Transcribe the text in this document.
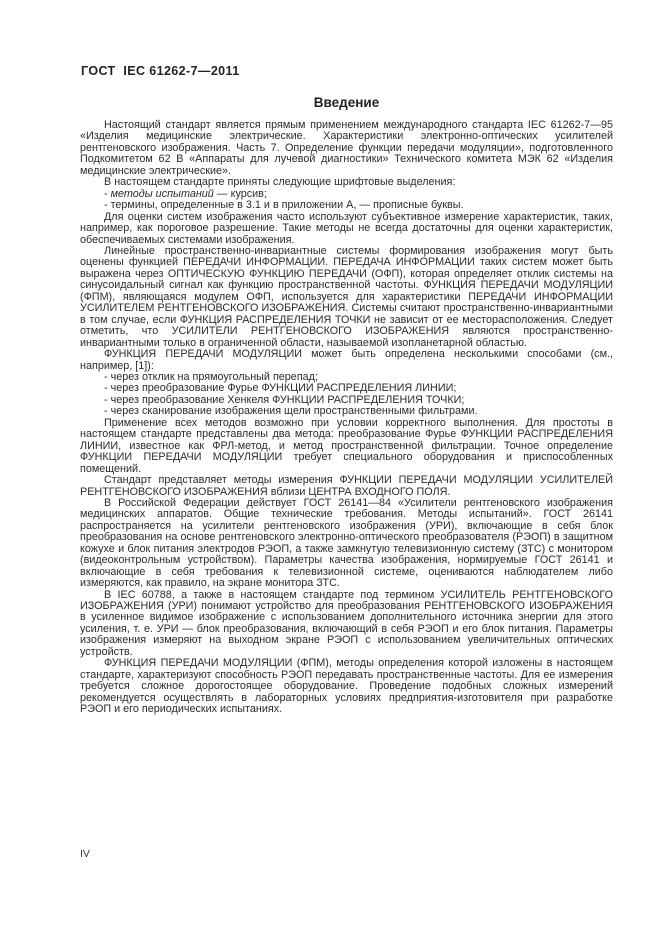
ГОСТ  IEC 61262-7—2011
Введение

Настоящий стандарт является прямым применением международного стандарта IEC 61262-7—95 «Изделия медицинские электрические. Характеристики электронно-оптических усилителей рентгеновского изображения. Часть 7. Определение функции передачи модуляции», подготовленного Подкомитетом 62 В «Аппараты для лучевой диагностики» Технического комитета МЭК 62 «Изделия медицинские электрические».

В настоящем стандарте приняты следующие шрифтовые выделения:

- методы испытаний — курсив;

- термины, определенные в 3.1 и в приложении А, — прописные буквы.

Для оценки систем изображения часто используют субъективное измерение характеристик, таких, например, как пороговое разрешение. Такие методы не всегда достаточны для оценки характеристик, обеспечиваемых системами изображения.

Линейные пространственно-инвариантные системы формирования изображения могут быть оценены функцией ПЕРЕДАЧИ ИНФОРМАЦИИ. ПЕРЕДАЧА ИНФОРМАЦИИ таких систем может быть выражена через ОПТИЧЕСКУЮ ФУНКЦИЮ ПЕРЕДАЧИ (ОФП), которая определяет отклик системы на синусоидальный сигнал как функцию пространственной частоты. ФУНКЦИЯ ПЕРЕДАЧИ МОДУЛЯЦИИ (ФПМ), являющаяся модулем ОФП, используется для характеристики ПЕРЕДАЧИ ИНФОРМАЦИИ УСИЛИТЕЛЕМ РЕНТГЕНОВСКОГО ИЗОБРАЖЕНИЯ. Системы считают пространственно-инвариантными в том случае, если ФУНКЦИЯ РАСПРЕДЕЛЕНИЯ ТОЧКИ не зависит от ее месторасположения. Следует отметить, что УСИЛИТЕЛИ РЕНТГЕНОВСКОГО ИЗОБРАЖЕНИЯ являются пространственно-инвариантными только в ограниченной области, называемой изопланетарной областью.

ФУНКЦИЯ ПЕРЕДАЧИ МОДУЛЯЦИИ может быть определена несколькими способами (см., например, [1]):

- через отклик на прямоугольный перепад;

- через преобразование Фурье ФУНКЦИИ РАСПРЕДЕЛЕНИЯ ЛИНИИ;

- через преобразование Хенкеля ФУНКЦИИ РАСПРЕДЕЛЕНИЯ ТОЧКИ;

- через сканирование изображения щели пространственными фильтрами.

Применение всех методов возможно при условии корректного выполнения. Для простоты в настоящем стандарте представлены два метода: преобразование Фурье ФУНКЦИИ РАСПРЕДЕЛЕНИЯ ЛИНИИ, известное как ФРЛ-метод, и метод пространственной фильтрации. Точное определение ФУНКЦИИ ПЕРЕДАЧИ МОДУЛЯЦИИ требует специального оборудования и приспособленных помещений.

Стандарт представляет методы измерения ФУНКЦИИ ПЕРЕДАЧИ МОДУЛЯЦИИ УСИЛИТЕЛЕЙ РЕНТГЕНОВСКОГО ИЗОБРАЖЕНИЯ вблизи ЦЕНТРА ВХОДНОГО ПОЛЯ.

В Российской Федерации действует ГОСТ 26141—84 «Усилители рентгеновского изображения медицинских аппаратов. Общие технические требования. Методы испытаний». ГОСТ 26141 распространяется на усилители рентгеновского изображения (УРИ), включающие в себя блок преобразования на основе рентгеновского электронно-оптического преобразователя (РЭОП) в защитном кожухе и блок питания электродов РЭОП, а также замкнутую телевизионную систему (ЗТС) с монитором (видеоконтрольным устройством). Параметры качества изображения, нормируемые ГОСТ 26141 и включающие в себя требования к телевизионной системе, оцениваются наблюдателем либо измеряются, как правило, на экране монитора ЗТС.

В IEC 60788, а также в настоящем стандарте под термином УСИЛИТЕЛЬ РЕНТГЕНОВСКОГО ИЗОБРАЖЕНИЯ (УРИ) понимают устройство для преобразования РЕНТГЕНОВСКОГО ИЗОБРАЖЕНИЯ в усиленное видимое изображение с использованием дополнительного источника энергии для этого усиления, т. е. УРИ — блок преобразования, включающий в себя РЭОП и его блок питания. Параметры изображения измеряют на выходном экране РЭОП с использованием увеличительных оптических устройств.

ФУНКЦИЯ ПЕРЕДАЧИ МОДУЛЯЦИИ (ФПМ), методы определения которой изложены в настоящем стандарте, характеризуют способность РЭОП передавать пространственные частоты. Для ее измерения требуется сложное дорогостоящее оборудование. Проведение подобных сложных измерений рекомендуется осуществлять в лабораторных условиях предприятия-изготовителя при разработке РЭОП и его периодических испытаниях.

IV
